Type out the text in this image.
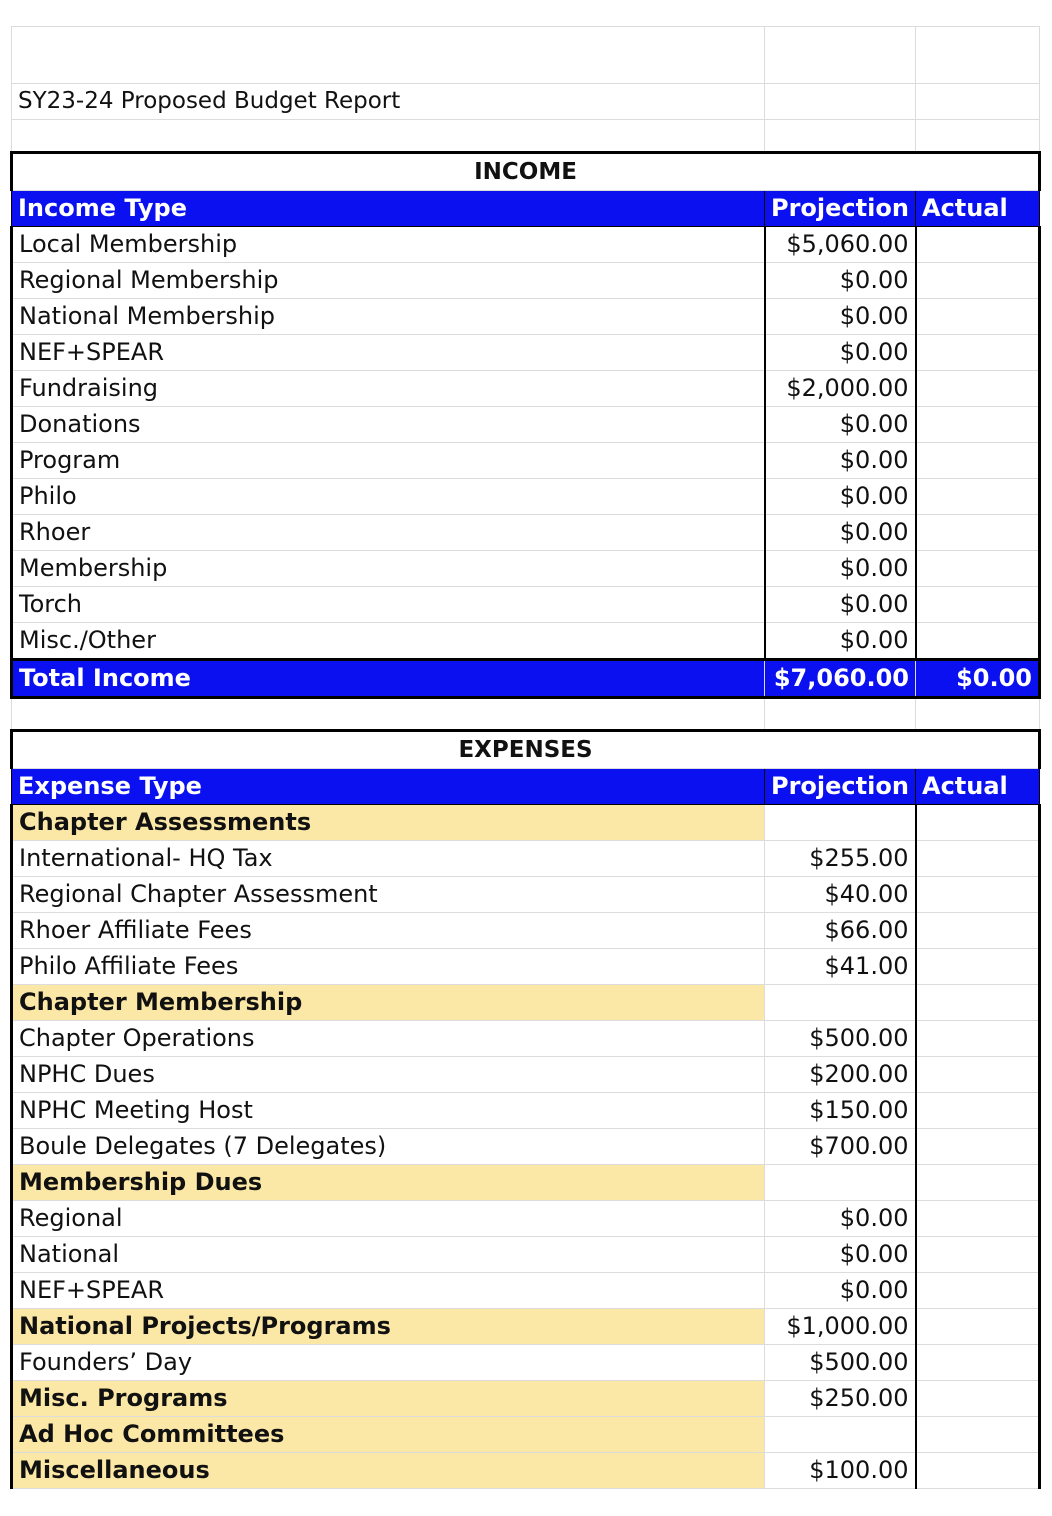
SY23-24 Proposed Budget Report		

INCOME		
Income Type	Projection	Actual
Local Membership	$5,060.00	
Regional Membership	$0.00	
National Membership	$0.00	
NEF+SPEAR	$0.00	
Fundraising	$2,000.00	
Donations	$0.00	
Program	$0.00	
Philo	$0.00	
Rhoer	$0.00	
Membership	$0.00	
Torch	$0.00	
Misc./Other	$0.00	
Total Income	$7,060.00	$0.00

EXPENSES		
Expense Type	Projection	Actual
Chapter Assessments		
International- HQ Tax	$255.00	
Regional Chapter Assessment	$40.00	
Rhoer Affiliate Fees	$66.00	
Philo Affiliate Fees	$41.00	
Chapter Membership		
Chapter Operations	$500.00	
NPHC Dues	$200.00	
NPHC Meeting Host	$150.00	
Boule Delegates (7 Delegates)	$700.00	
Membership Dues		
Regional	$0.00	
National	$0.00	
NEF+SPEAR	$0.00	
National Projects/Programs	$1,000.00	
Founders’ Day	$500.00	
Misc. Programs	$250.00	
Ad Hoc Committees		
Miscellaneous	$100.00	
